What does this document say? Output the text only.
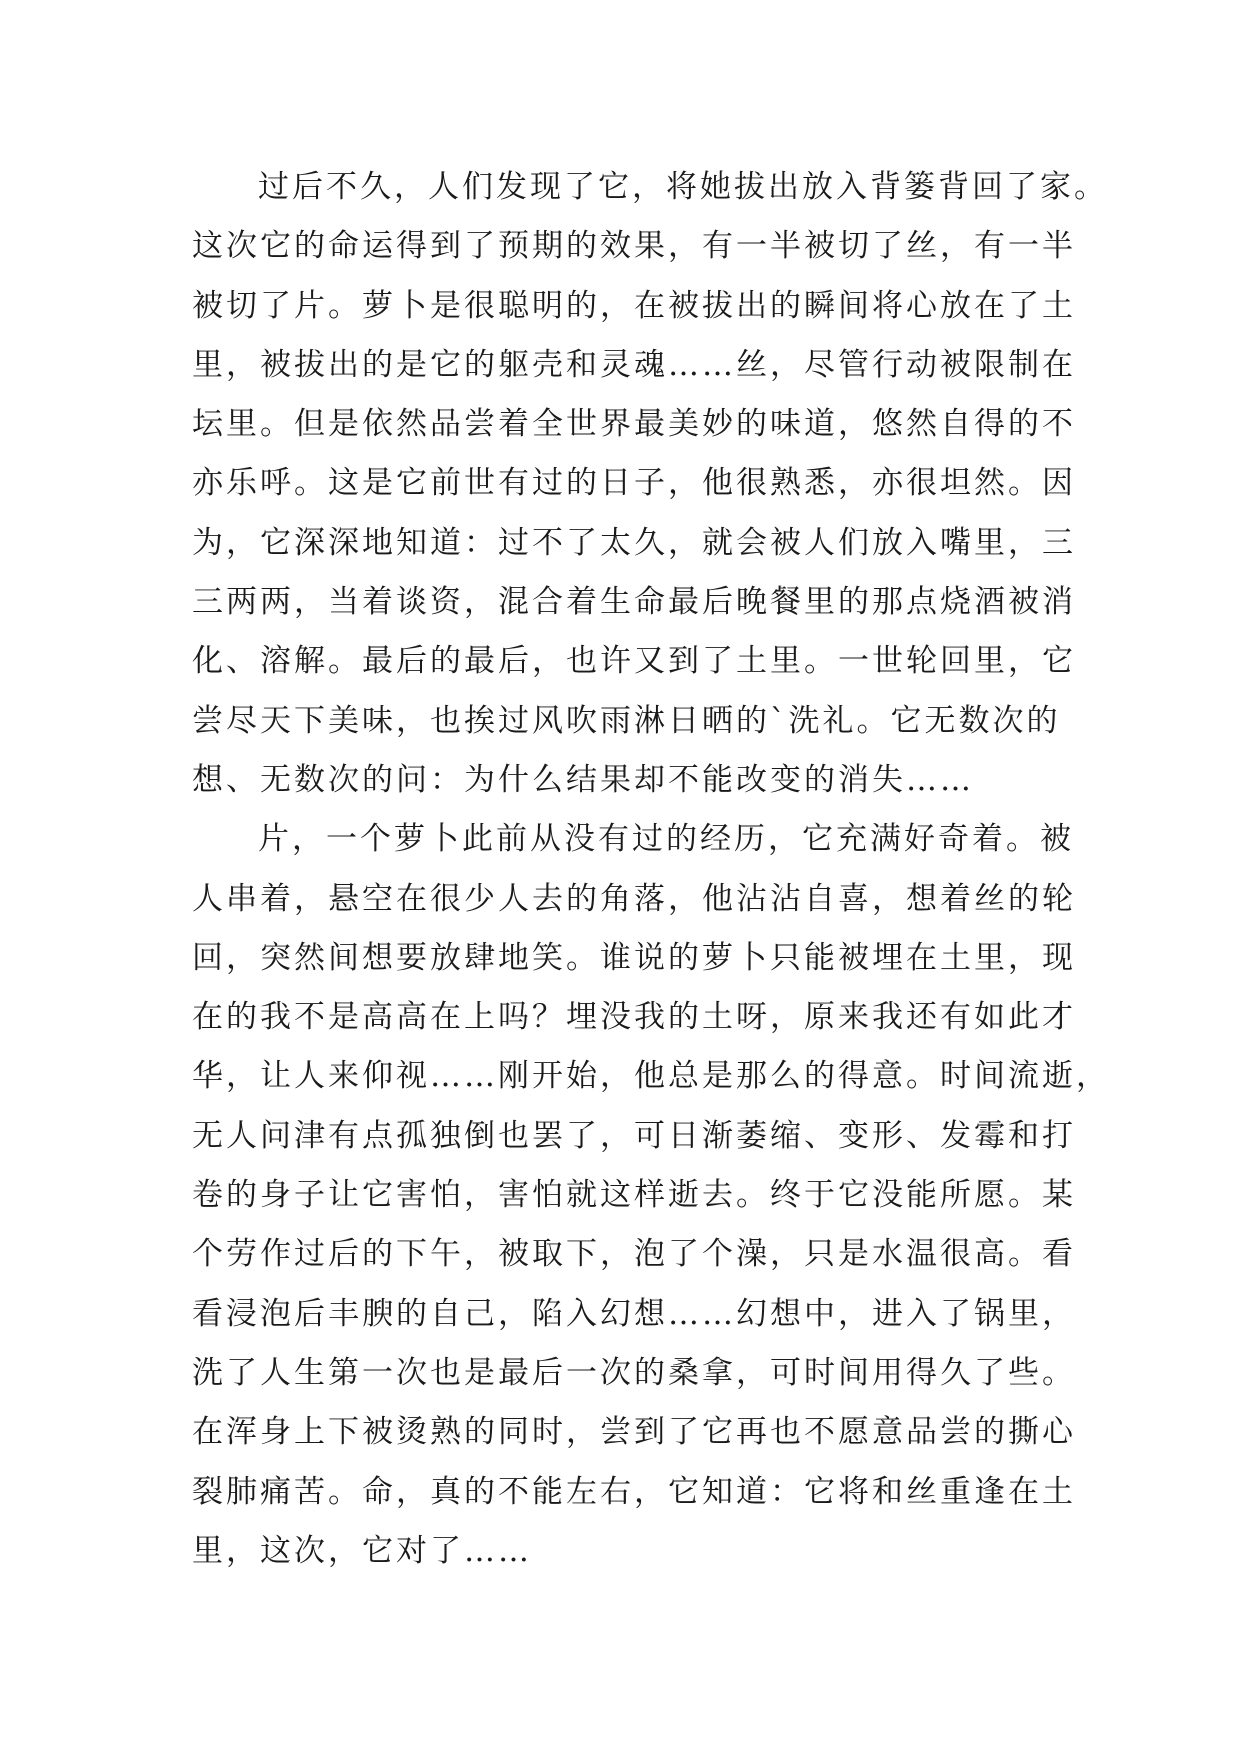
过后不久，人们发现了它，将她拔出放入背篓背回了家。
这次它的命运得到了预期的效果，有一半被切了丝，有一半
被切了片。萝卜是很聪明的，在被拔出的瞬间将心放在了土
里，被拔出的是它的躯壳和灵魂……丝，尽管行动被限制在
坛里。但是依然品尝着全世界最美妙的味道，悠然自得的不
亦乐呼。这是它前世有过的日子，他很熟悉，亦很坦然。因
为，它深深地知道：过不了太久，就会被人们放入嘴里，三
三两两，当着谈资，混合着生命最后晚餐里的那点烧酒被消
化、溶解。最后的最后，也许又到了土里。一世轮回里，它
尝尽天下美味，也挨过风吹雨淋日晒的`洗礼。它无数次的
想、无数次的问：为什么结果却不能改变的消失……
片，一个萝卜此前从没有过的经历，它充满好奇着。被
人串着，悬空在很少人去的角落，他沾沾自喜，想着丝的轮
回，突然间想要放肆地笑。谁说的萝卜只能被埋在土里，现
在的我不是高高在上吗？埋没我的土呀，原来我还有如此才
华，让人来仰视……刚开始，他总是那么的得意。时间流逝，
无人问津有点孤独倒也罢了，可日渐萎缩、变形、发霉和打
卷的身子让它害怕，害怕就这样逝去。终于它没能所愿。某
个劳作过后的下午，被取下，泡了个澡，只是水温很高。看
看浸泡后丰腴的自己，陷入幻想……幻想中，进入了锅里，
洗了人生第一次也是最后一次的桑拿，可时间用得久了些。
在浑身上下被烫熟的同时，尝到了它再也不愿意品尝的撕心
裂肺痛苦。命，真的不能左右，它知道：它将和丝重逢在土
里，这次，它对了……
